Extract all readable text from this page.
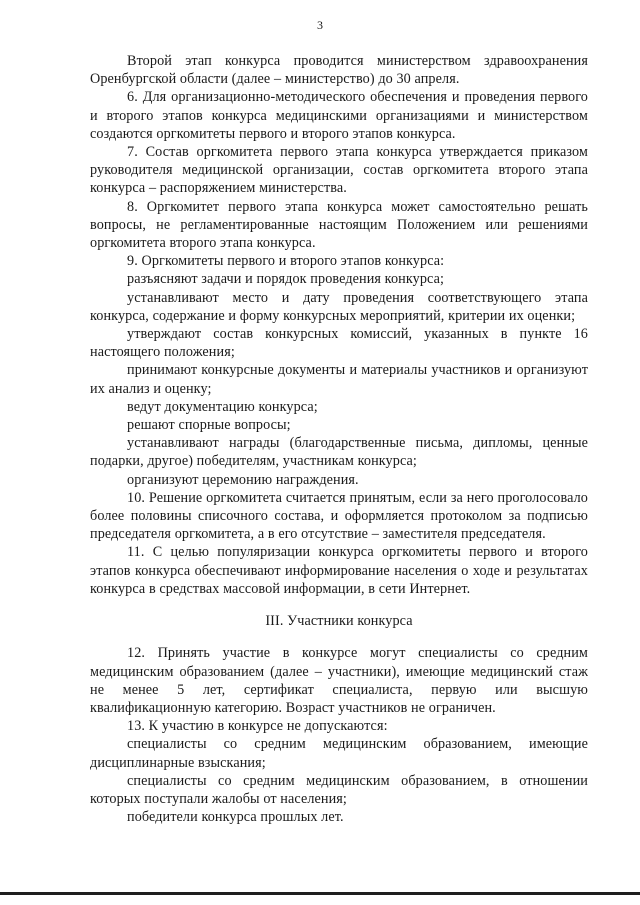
3

Второй этап конкурса проводится министерством здравоохранения Оренбургской области (далее – министерство) до 30 апреля.

6. Для организационно-методического обеспечения и проведения первого и второго этапов конкурса медицинскими организациями и министерством создаются оргкомитеты первого и второго этапов конкурса.

7. Состав оргкомитета первого этапа конкурса утверждается приказом руководителя медицинской организации, состав оргкомитета второго этапа конкурса – распоряжением министерства.

8. Оргкомитет первого этапа конкурса может самостоятельно решать вопросы, не регламентированные настоящим Положением или решениями оргкомитета второго этапа конкурса.

9. Оргкомитеты первого и второго этапов конкурса:

разъясняют задачи и порядок проведения конкурса;

устанавливают место и дату проведения соответствующего этапа конкурса, содержание и форму конкурсных мероприятий, критерии их оценки;

утверждают состав конкурсных комиссий, указанных в пункте 16 настоящего положения;

принимают конкурсные документы и материалы участников и организуют их анализ и оценку;

ведут документацию конкурса;

решают спорные вопросы;

устанавливают награды (благодарственные письма, дипломы, ценные подарки, другое) победителям, участникам конкурса;

организуют церемонию награждения.

10. Решение оргкомитета считается принятым, если за него проголосовало более половины списочного состава, и оформляется протоколом за подписью председателя оргкомитета, а в его отсутствие – заместителя председателя.

11. С целью популяризации конкурса оргкомитеты первого и второго этапов конкурса обеспечивают информирование населения о ходе и результатах конкурса в средствах массовой информации, в сети Интернет.

III. Участники конкурса

12. Принять участие в конкурсе могут специалисты со средним медицинским образованием (далее – участники), имеющие медицинский стаж не менее 5 лет, сертификат специалиста, первую или высшую квалификационную категорию. Возраст участников не ограничен.

13. К участию в конкурсе не допускаются:

специалисты со средним медицинским образованием, имеющие дисциплинарные взыскания;

специалисты со средним медицинским образованием, в отношении которых поступали жалобы от населения;

победители конкурса прошлых лет.
